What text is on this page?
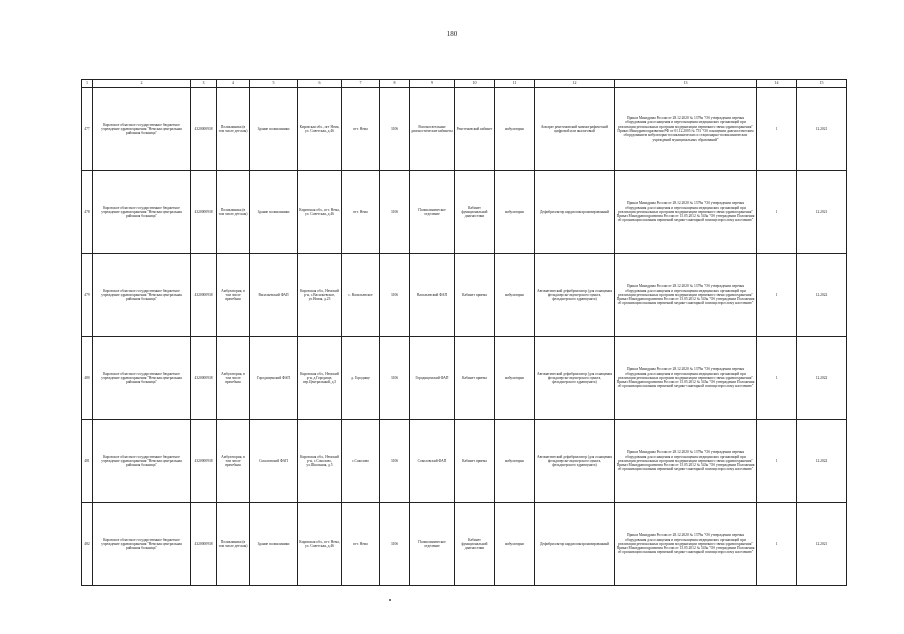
180
1	2	3	4	5	6	7	8	9	10	11	12	13	14	15
477	Кировское областное государственное бюджетное учреждение здравоохранения "Немская центральная районная больница"	4320000938	Поликлиника (в том числе детская)	Здание поликлиники	Кировская обл., пгт Нема, ул. Советская, д.46	пгт. Нема	3106	Вспомогательные диагностические кабинеты	Рентгеновский кабинет	амбулаторно	Аппарат рентгеновский маммографический цифровой или аналоговый	Приказ Минздрава России от 28.12.2020 № 1379н "Об утверждении перечня оборудования для оснащения и переоснащения медицинских организаций при реализации региональных программ модернизации первичного звена здравоохранения" Приказ Минздравсоцразвития РФ от 01.12.2005 № 753 "Об оснащении диагностическим оборудованием амбулаторно-поликлинических и стационарно-поликлинических учреждений муниципальных образований"	1	12.2021
478	Кировское областное государственное бюджетное учреждение здравоохранения "Немская центральная районная больница"	4320000938	Поликлиника (в том числе детская)	Здание поликлиники	Кировская обл., пгт. Нема, ул. Советская, д.46	пгт. Нема	3106	Поликлиническое отделение	Кабинет функциональной диагностики	амбулаторно	Дефибриллятор кардиосинхронизированный	Приказ Минздрава России от 28.12.2020 № 1379н "Об утверждении перечня оборудования для оснащения и переоснащения медицинских организаций при реализации региональных программ модернизации первичного звена здравоохранения" Приказ Минздравсоцразвития России от 15.05.2012 № 543н "Об утверждении Положения об организации оказания первичной медико-санитарной помощи взрослому населению"	1	12.2021
479	Кировское областное государственное бюджетное учреждение здравоохранения "Немская центральная районная больница"	4320000938	Амбулатория, в том числе врачебная	Васильевский ФАП	Кировская обл., Немский р-н, с.Васильевское, ул.Новая, д.23	с. Васильевское	3106	Васильевский ФАП	Кабинет приема	амбулаторно	Автоматический дефибриллятор (для оснащения фельдшерско-акушерского пункта, фельдшерского здравпункта)	Приказ Минздрава России от 28.12.2020 № 1379н "Об утверждении перечня оборудования для оснащения и переоснащения медицинских организаций при реализации региональных программ модернизации первичного звена здравоохранения" Приказ Минздравсоцразвития России от 15.05.2012 № 543н "Об утверждении Положения об организации оказания первичной медико-санитарной помощи взрослому населению"	1	12.2022
480	Кировское областное государственное бюджетное учреждение здравоохранения "Немская центральная районная больница"	4320000938	Амбулатория, в том числе врачебная	Городищенский ФАП	Кировская обл., Немский р-н, д.Городище, пер.Центральный, д.5	д. Городище	3106	Городищенский ФАП	Кабинет приема	амбулаторно	Автоматический дефибриллятор (для оснащения фельдшерско-акушерского пункта, фельдшерского здравпункта)	Приказ Минздрава России от 28.12.2020 № 1379н "Об утверждении перечня оборудования для оснащения и переоснащения медицинских организаций при реализации региональных программ модернизации первичного звена здравоохранения" Приказ Минздравсоцразвития России от 15.05.2012 № 543н "Об утверждении Положения об организации оказания первичной медико-санитарной помощи взрослому населению"	1	12.2022
481	Кировское областное государственное бюджетное учреждение здравоохранения "Немская центральная районная больница"	4320000938	Амбулатория, в том числе врачебная	Соколовский ФАП	Кировская обл., Немский р-н, с.Соколово, ул.Школьная, д.5	с.Соколово	3106	Соколовский ФАП	Кабинет приема	амбулаторно	Автоматический дефибриллятор (для оснащения фельдшерско-акушерского пункта, фельдшерского здравпункта)	Приказ Минздрава России от 28.12.2020 № 1379н "Об утверждении перечня оборудования для оснащения и переоснащения медицинских организаций при реализации региональных программ модернизации первичного звена здравоохранения" Приказ Минздравсоцразвития России от 15.05.2012 № 543н "Об утверждении Положения об организации оказания первичной медико-санитарной помощи взрослому населению"	1	12.2022
482	Кировское областное государственное бюджетное учреждение здравоохранения "Немская центральная районная больница"	4320000938	Поликлиника (в том числе детская)	Здание поликлиники	Кировская обл., пгт. Нема, ул. Советская, д.46	пгт. Нема	3106	Поликлиническое отделение	Кабинет функциональной диагностики	амбулаторно	Дефибриллятор кардиосинхронизированный	Приказ Минздрава России от 28.12.2020 № 1379н "Об утверждении перечня оборудования для оснащения и переоснащения медицинских организаций при реализации региональных программ модернизации первичного звена здравоохранения" Приказ Минздравсоцразвития России от 15.05.2012 № 543н "Об утверждении Положения об организации оказания первичной медико-санитарной помощи взрослому населению"	1	12.2021
